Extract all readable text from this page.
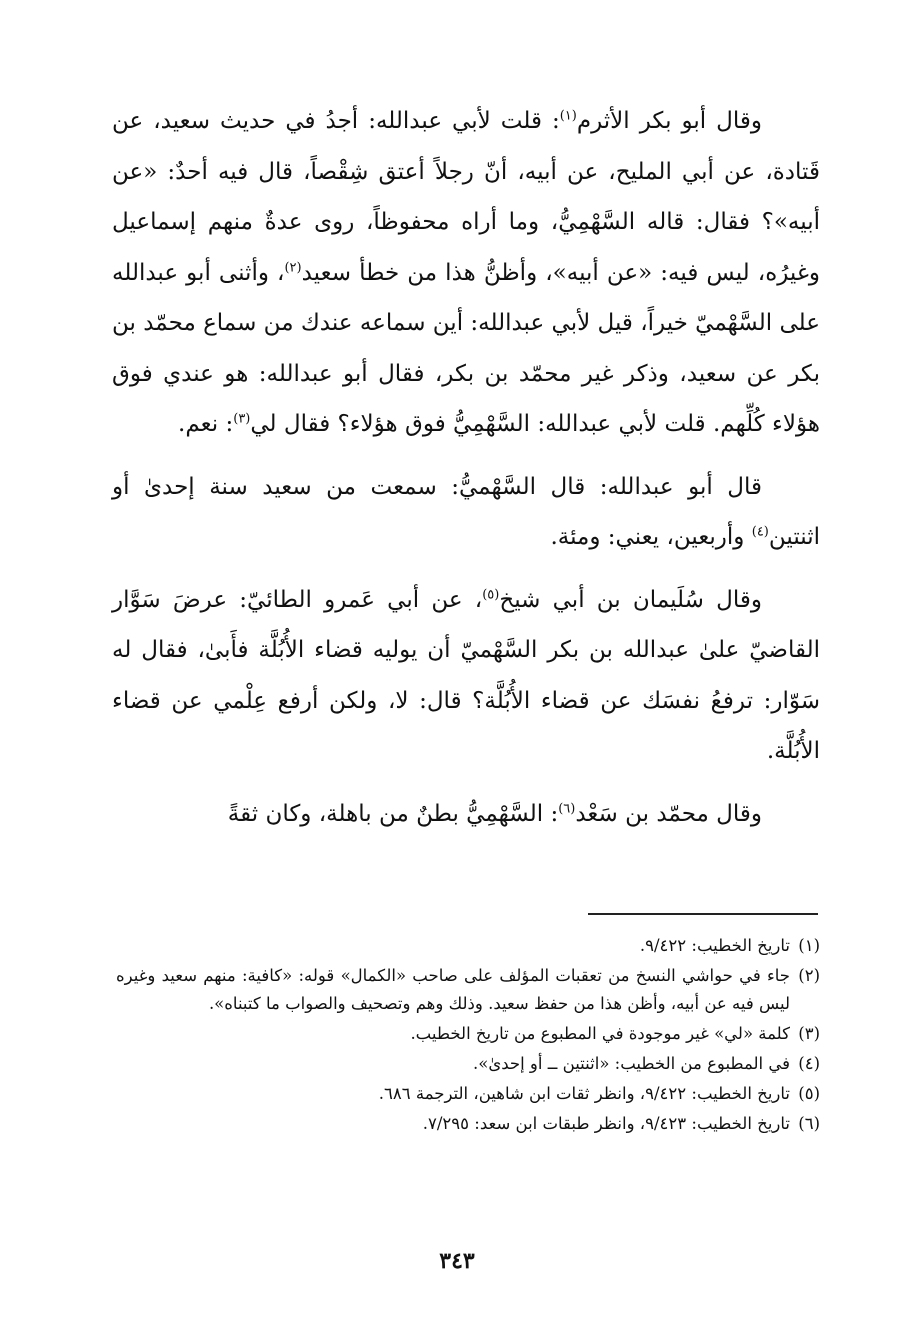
وقال أبو بكر الأثرم$^{(١)}$: قلت لأبي عبدالله: أجدُ في حديث سعيد، عن قَتادة، عن أبي المليح، عن أبيه، أنّ رجلاً أعتق شِقْصاً، قال فيه أحدٌ: «عن أبيه»؟ فقال: قاله السَّهْمِيُّ، وما أراه محفوظاً، روى عدةٌ منهم إسماعيل وغيرُه، ليس فيه: «عن أبيه»، وأظنُّ هذا من خطأ سعيد$^{(٢)}$، وأثنى أبو عبدالله على السَّهْميّ خيراً، قيل لأبي عبدالله: أين سماعه عندك من سماع محمّد بن بكر عن سعيد، وذكر غير محمّد بن بكر، فقال أبو عبدالله: هو عندي فوق هؤلاء كُلِّهم. قلت لأبي عبدالله: السَّهْمِيُّ فوق هؤلاء؟ فقال لي$^{(٣)}$: نعم.

قال أبو عبدالله: قال السَّهْميُّ: سمعت من سعيد سنة إحدىٰ أو اثنتين$^{(٤)}$ وأربعين، يعني: ومئة.

وقال سُلَيمان بن أبي شيخ$^{(٥)}$، عن أبي عَمرو الطائيّ: عرضَ سَوَّار القاضيّ علىٰ عبدالله بن بكر السَّهْميّ أن يوليه قضاء الأُبُلَّة فأَبىٰ، فقال له سَوّار: ترفعُ نفسَك عن قضاء الأُبُلَّة؟ قال: لا، ولكن أرفع عِلْمي عن قضاء الأُبُلَّة.

وقال محمّد بن سَعْد$^{(٦)}$: السَّهْمِيُّ بطنٌ من باهلة، وكان ثقةً

(١)
تاريخ الخطيب: ٩/٤٢٢.
(٢)
جاء في حواشي النسخ من تعقبات المؤلف على صاحب «الكمال» قوله: «كافية: منهم سعيد وغيره ليس فيه عن أبيه، وأظن هذا من حفظ سعيد. وذلك وهم وتصحيف والصواب ما كتبناه».
(٣)
كلمة «لي» غير موجودة في المطبوع من تاريخ الخطيب.
(٤)
في المطبوع من الخطيب: «اثنتين ــ أو إحدىٰ».
(٥)
تاريخ الخطيب: ٩/٤٢٢، وانظر ثقات ابن شاهين، الترجمة ٦٨٦.
(٦)
تاريخ الخطيب: ٩/٤٢٣، وانظر طبقات ابن سعد: ٧/٢٩٥.
٣٤٣
